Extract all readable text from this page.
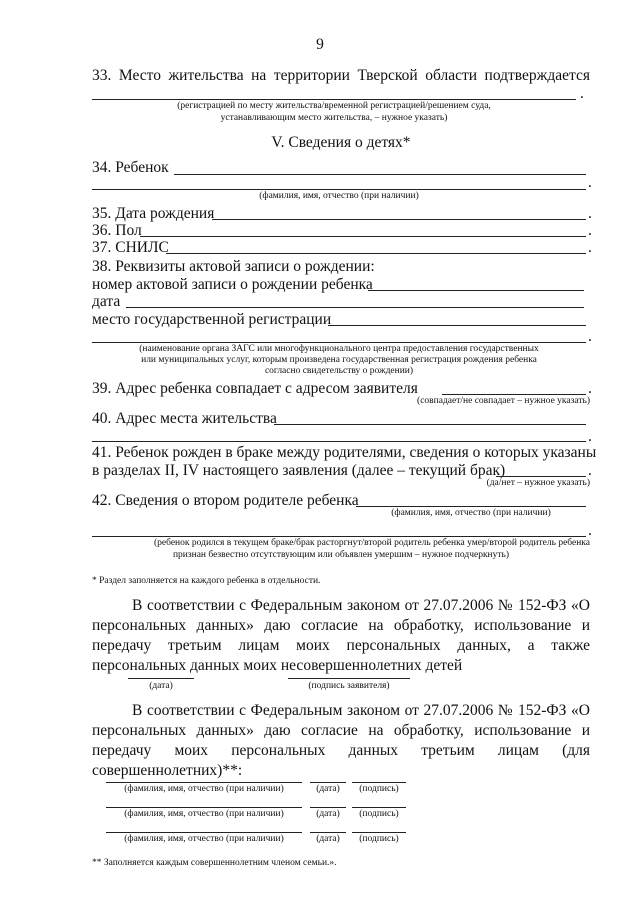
9
33. Место жительства на территории Тверской области подтверждается
.
(регистрацией по месту жительства/временной регистрацией/решением суда,
устанавливающим место жительства, – нужное указать)
V. Сведения о детях*
34. Ребенок
.
(фамилия, имя, отчество (при наличии)
35. Дата рождения	.
36. Пол	.
37. СНИЛС	.
38. Реквизиты актовой записи о рождении:
номер актовой записи о рождении ребенка
дата
место государственной регистрации
.
(наименование органа ЗАГС или многофункционального центра предоставления государственных
или муниципальных услуг, которым произведена государственная регистрация рождения ребенка
согласно свидетельству о рождении)
39. Адрес ребенка совпадает с адресом заявителя	.
(совпадает/не совпадает – нужное указать)
40. Адрес места жительства
.
41. Ребенок рожден в браке между родителями, сведения о которых указаны
в разделах II, IV настоящего заявления (далее – текущий брак)	.
(да/нет – нужное указать)
42. Сведения о втором родителе ребенка
(фамилия, имя, отчество (при наличии)
.
(ребенок родился в текущем браке/брак расторгнут/второй родитель ребенка умер/второй родитель ребенка
признан безвестно отсутствующим или объявлен умершим – нужное подчеркнуть)
* Раздел заполняется на каждого ребенка в отдельности.
В соответствии с Федеральным законом от 27.07.2006 № 152-ФЗ «О персональных данных» даю согласие на обработку, использование и передачу третьим лицам моих персональных данных, а также персональных данных моих несовершеннолетних детей
(дата)	(подпись заявителя)
В соответствии с Федеральным законом от 27.07.2006 № 152-ФЗ «О персональных данных» даю согласие на обработку, использование и передачу моих персональных данных третьим лицам (для совершеннолетних)**:
(фамилия, имя, отчество (при наличии)	(дата)	(подпись)
(фамилия, имя, отчество (при наличии)	(дата)	(подпись)
(фамилия, имя, отчество (при наличии)	(дата)	(подпись)
** Заполняется каждым совершеннолетним членом семьи.».
